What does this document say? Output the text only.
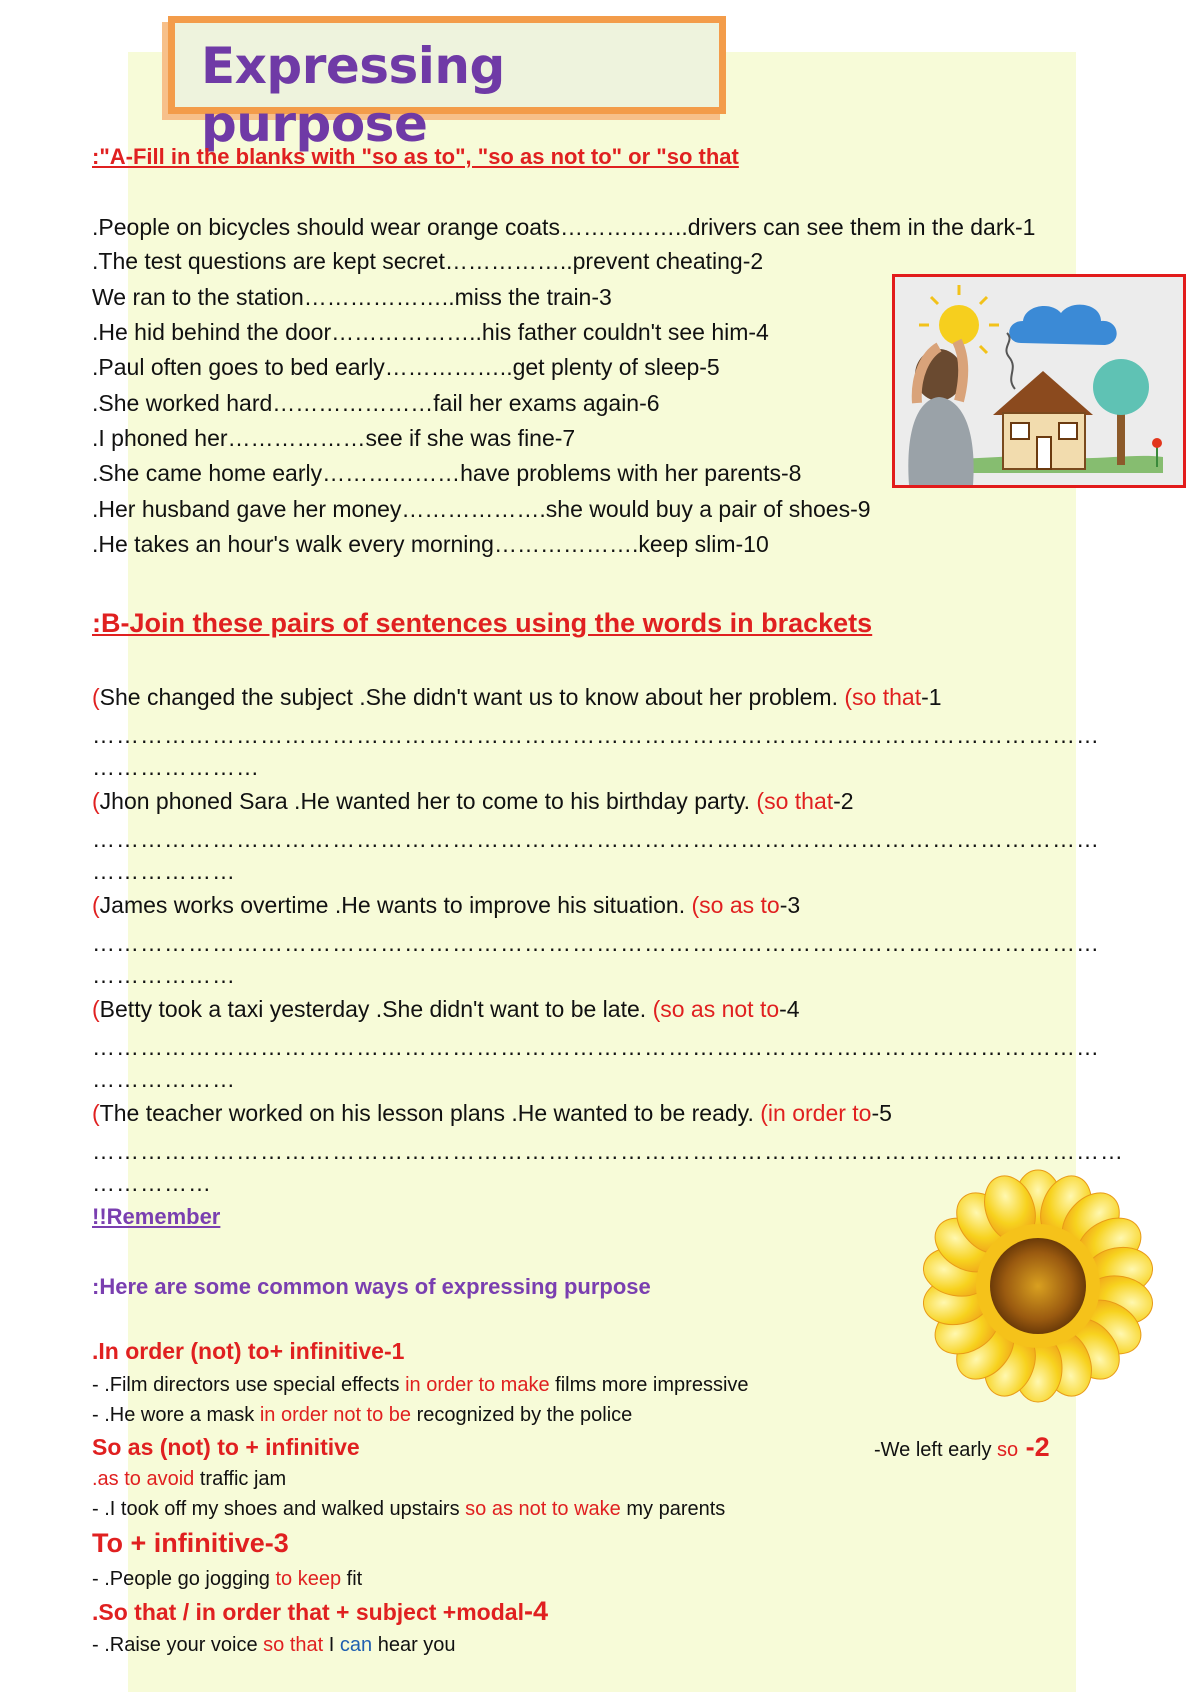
Expressing purpose
:"A-Fill in the blanks with "so as to", "so as not to" or "so that
.People on bicycles should wear orange coats……………..drivers can see them in the dark-1
.The test questions are kept secret……………..prevent cheating-2
We ran to the station………………..miss the train-3
.He hid behind the door………………..his father couldn't see him-4
.Paul often goes to bed early……………..get plenty of sleep-5
.She worked hard…………………fail her exams again-6
.I phoned her………………see if she was fine-7
.She came home early………………have problems with her parents-8
.Her husband gave her money……………….she would buy a pair of shoes-9
.He takes an hour's walk every morning……………….keep slim-10
:B-Join these pairs of sentences using the words in brackets
(She changed the subject .She didn't want us to know about her problem. (so that-1
………………………………………………………………………………………………………………
…………………
(Jhon phoned Sara .He wanted her to come to his birthday party. (so that-2
………………………………………………………………………………………………………………
………………
(James works overtime .He wants to improve his situation. (so as to-3
………………………………………………………………………………………………………………
………………
(Betty took a taxi yesterday .She didn't want to be late. (so as not to-4
………………………………………………………………………………………………………………
………………
(The teacher worked on his lesson plans .He wanted to be ready. (in order to-5
…………………………………………………………………………………………………………………
……………
!!Remember
:Here are some common ways of expressing purpose
.In order (not) to+ infinitive-1
- .Film directors use special effects in order to make films more impressive
- .He wore a mask in order not to be recognized by the police
So as (not) to + infinitive	-We left early so -2
.as to avoid traffic jam
- .I took off my shoes and walked upstairs so as not to wake my parents
To + infinitive-3
- .People go jogging to keep fit
.So that / in order that + subject +modal-4
- .Raise your voice so that I can hear you
